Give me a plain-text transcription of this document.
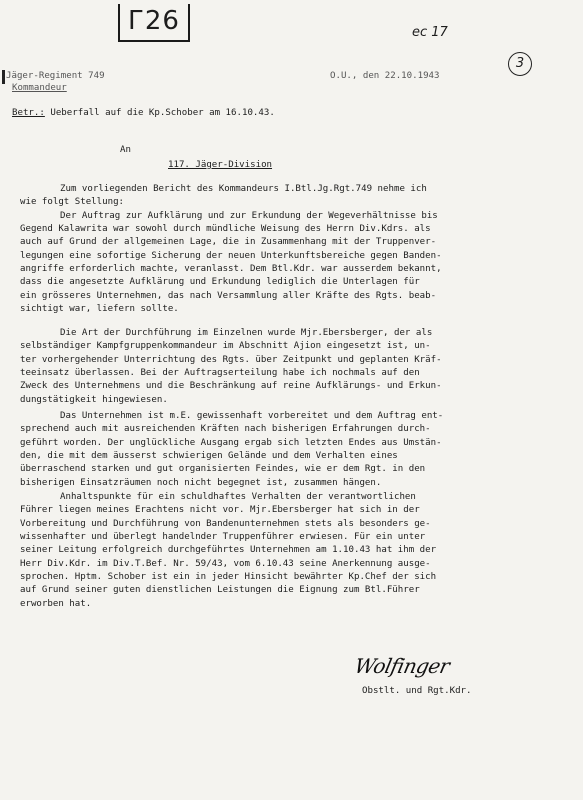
Г26	ec 17
3
Jäger-Regiment 749
Kommandeur
O.U., den 22.10.1943
Betr.: Ueberfall auf die Kp.Schober am 16.10.43.
An
117. Jäger-Division
Zum vorliegenden Bericht des Kommandeurs I.Btl.Jg.Rgt.749 nehme ich
wie folgt Stellung:
Der Auftrag zur Aufklärung und zur Erkundung der Wegeverhältnisse bis
Gegend Kalawrita war sowohl durch mündliche Weisung des Herrn Div.Kdrs. als
auch auf Grund der allgemeinen Lage, die in Zusammenhang mit der Truppenver-
legungen eine sofortige Sicherung der neuen Unterkunftsbereiche gegen Banden-
angriffe erforderlich machte, veranlasst. Dem Btl.Kdr. war ausserdem bekannt,
dass die angesetzte Aufklärung und Erkundung lediglich die Unterlagen für
ein grösseres Unternehmen, das nach Versammlung aller Kräfte des Rgts. beab-
sichtigt war, liefern sollte.
Die Art der Durchführung im Einzelnen wurde Mjr.Ebersberger, der als
selbständiger Kampfgruppenkommandeur im Abschnitt Ajion eingesetzt ist, un-
ter vorhergehender Unterrichtung des Rgts. über Zeitpunkt und geplanten Kräf-
teeinsatz überlassen. Bei der Auftragserteilung habe ich nochmals auf den
Zweck des Unternehmens und die Beschränkung auf reine Aufklärungs- und Erkun-
dungstätigkeit hingewiesen.
Das Unternehmen ist m.E. gewissenhaft vorbereitet und dem Auftrag ent-
sprechend auch mit ausreichenden Kräften nach bisherigen Erfahrungen durch-
geführt worden. Der unglückliche Ausgang ergab sich letzten Endes aus Umstän-
den, die mit dem äusserst schwierigen Gelände und dem Verhalten eines
überraschend starken und gut organisierten Feindes, wie er dem Rgt. in den
bisherigen Einsatzräumen noch nicht begegnet ist, zusammen hängen.
Anhaltspunkte für ein schuldhaftes Verhalten der verantwortlichen
Führer liegen meines Erachtens nicht vor. Mjr.Ebersberger hat sich in der
Vorbereitung und Durchführung von Bandenunternehmen stets als besonders ge-
wissenhafter und überlegt handelnder Truppenführer erwiesen. Für ein unter
seiner Leitung erfolgreich durchgeführtes Unternehmen am 1.10.43 hat ihm der
Herr Div.Kdr. im Div.T.Bef. Nr. 59/43, vom 6.10.43 seine Anerkennung ausge-
sprochen. Hptm. Schober ist ein in jeder Hinsicht bewährter Kp.Chef der sich
auf Grund seiner guten dienstlichen Leistungen die Eignung zum Btl.Führer
erworben hat.
Wolfinger
Obstlt. und Rgt.Kdr.
